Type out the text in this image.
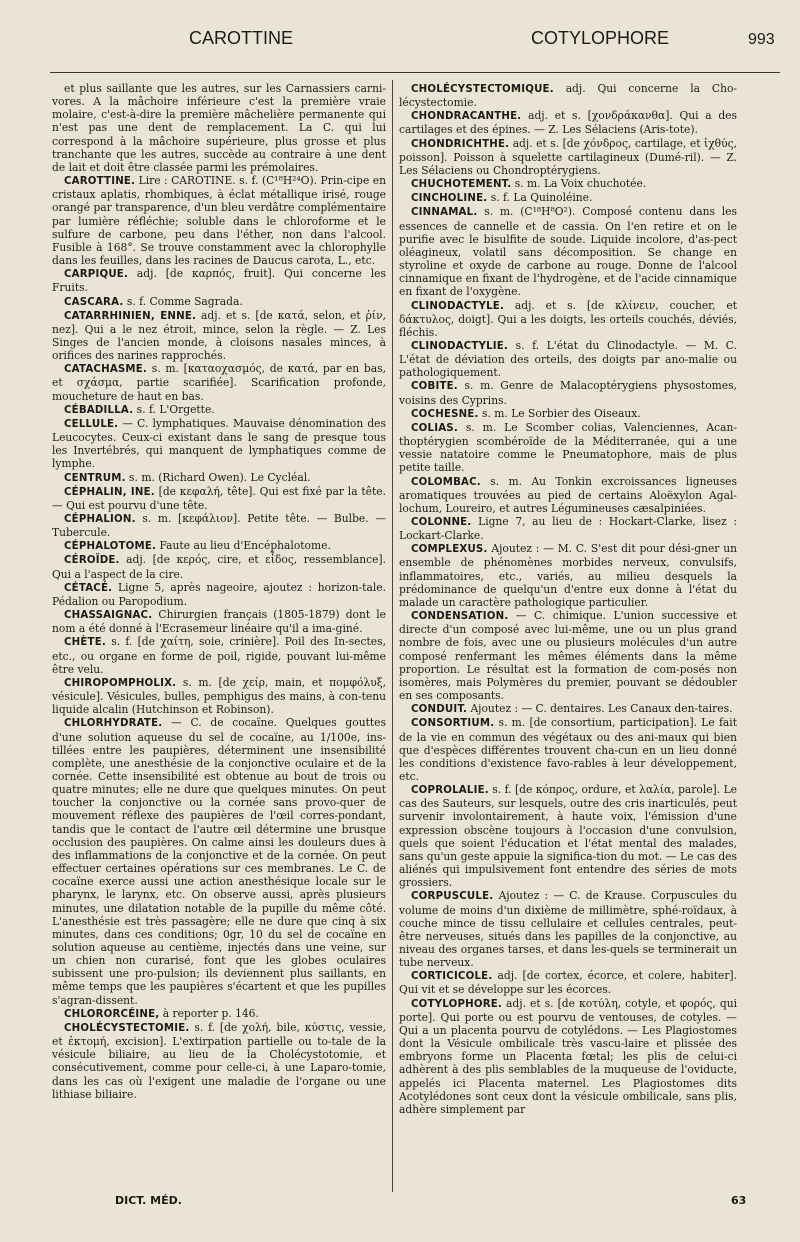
CAROTTINE	COTYLOPHORE	993

et plus saillante que les autres, sur les Carnassiers carni-vores. A la mâchoire inférieure c'est la première vraie molaire, c'est-à-dire la première mâchelière permanente qui n'est pas une dent de remplacement. La C. qui lui correspond à la mâchoire supérieure, plus grosse et plus tranchante que les autres, succède au contraire à une dent de lait et doit être classée parmi les prémolaires.

CAROTTINE. Lire : CAROTINE. s. f. (C¹⁸H²⁴O). Prin-cipe en cristaux aplatis, rhombiques, à éclat métallique irisé, rouge orangé par transparence, d'un bleu verdâtre complémentaire par lumière réfléchie; soluble dans le chloroforme et le sulfure de carbone, peu dans l'éther, non dans l'alcool. Fusible à 168°. Se trouve constamment avec la chlorophylle dans les feuilles, dans les racines de Daucus carota, L., etc.

CARPIQUE. adj. [de καρπός, fruit]. Qui concerne les Fruits.

CASCARA. s. f. Comme Sagrada.

CATARRHINIEN, ENNE. adj. et s. [de κατά, selon, et ῥίν, nez]. Qui a le nez étroit, mince, selon la règle. — Z. Les Singes de l'ancien monde, à cloisons nasales minces, à orifices des narines rapprochés.

CATACHASME. s. m. [καταοχασμός, de κατά, par en bas, et σχάσμα, partie scarifiée]. Scarification profonde, moucheture de haut en bas.

CÉBADILLA. s. f. L'Orgette.

CELLULE. — C. lymphatiques. Mauvaise dénomination des Leucocytes. Ceux-ci existant dans le sang de presque tous les Invertébrés, qui manquent de lymphatiques comme de lymphe.

CENTRUM. s. m. (Richard Owen). Le Cycléal.

CÉPHALIN, INE. [de κεφαλή, tête]. Qui est fixé par la tête. — Qui est pourvu d'une tête.

CÉPHALION. s. m. [κεφάλιον]. Petite tête. — Bulbe. — Tubercule.

CÉPHALOTOME. Faute au lieu d'Encéphalotome.

CÉROÏDE. adj. [de κερός, cire, et εἶδος, ressemblance]. Qui a l'aspect de la cire.

CÉTACÉ. Ligne 5, après nageoire, ajoutez : horizon-tale. Pédalion ou Paropodium.

CHASSAIGNAC. Chirurgien français (1805-1879) dont le nom a été donné à l'Ecrasemeur linéaire qu'il a ima-giné.

CHÈTE. s. f. [de χαίτη, soie, crinière]. Poil des In-sectes, etc., ou organe en forme de poil, rigide, pouvant lui-même être velu.

CHIROPOMPHOLIX. s. m. [de χείρ, main, et πομφόλυξ, vésicule]. Vésicules, bulles, pemphigus des mains, à con-tenu liquide alcalin (Hutchinson et Robinson).

CHLORHYDRATE. — C. de cocaïne. Quelques gouttes d'une solution aqueuse du sel de cocaïne, au 1/100e, ins-tillées entre les paupières, déterminent une insensibilité complète, une anesthésie de la conjonctive oculaire et de la cornée. Cette insensibilité est obtenue au bout de trois ou quatre minutes; elle ne dure que quelques minutes. On peut toucher la conjonctive ou la cornée sans provo-quer de mouvement réflexe des paupières de l'œil corres-pondant, tandis que le contact de l'autre œil détermine une brusque occlusion des paupières. On calme ainsi les douleurs dues à des inflammations de la conjonctive et de la cornée. On peut effectuer certaines opérations sur ces membranes. Le C. de cocaïne exerce aussi une action anesthésique locale sur le pharynx, le larynx, etc. On observe aussi, après plusieurs minutes, une dilatation notable de la pupille du même côté. L'anesthésie est très passagère; elle ne dure que cinq à six minutes, dans ces conditions; 0gr, 10 du sel de cocaïne en solution aqueuse au centième, injectés dans une veine, sur un chien non curarisé, font que les globes oculaires subissent une pro-pulsion; ils deviennent plus saillants, en même temps que les paupières s'écartent et que les pupilles s'agran-dissent.

CHLORORCÉINE, à reporter p. 146.

CHOLÉCYSTECTOMIE. s. f. [de χολή, bile, κύστις, vessie, et ἐκτομή, excision]. L'extirpation partielle ou to-tale de la vésicule biliaire, au lieu de la Cholécystotomie, et consécutivement, comme pour celle-ci, à une Laparo-tomie, dans les cas où l'exigent une maladie de l'organe ou une lithiase biliaire.

CHOLÉCYSTECTOMIQUE. adj. Qui concerne la Cho-lécystectomie.

CHONDRACANTHE. adj. et s. [χονδράκανθα]. Qui a des cartilages et des épines. — Z. Les Sélaciens (Aris-tote).

CHONDRICHTHE. adj. et s. [de χόνδρος, cartilage, et ἰχθύς, poisson]. Poisson à squelette cartilagineux (Dumé-ril). — Z. Les Sélaciens ou Chondroptérygiens.

CHUCHOTEMENT. s. m. La Voix chuchotée.

CINCHOLINE. s. f. La Quinoléine.

CINNAMAL. s. m. (C¹⁸H⁸O²). Composé contenu dans les essences de cannelle et de cassia. On l'en retire et on le purifie avec le bisulfite de soude. Liquide incolore, d'as-pect oléagineux, volatil sans décomposition. Se change en styroline et oxyde de carbone au rouge. Donne de l'alcool cinnamique en fixant de l'hydrogène, et de l'acide cinnamique en fixant de l'oxygène.

CLINODACTYLE. adj. et s. [de κλίνειν, coucher, et δάκτυλος, doigt]. Qui a les doigts, les orteils couchés, déviés, fléchis.

CLINODACTYLIE. s. f. L'état du Clinodactyle. — M. C. L'état de déviation des orteils, des doigts par ano-malie ou pathologiquement.

COBITE. s. m. Genre de Malacoptérygiens physostomes, voisins des Cyprins.

COCHESNE. s. m. Le Sorbier des Oiseaux.

COLIAS. s. m. Le Scomber colias, Valenciennes, Acan-thoptérygien scombéroïde de la Méditerranée, qui a une vessie natatoire comme le Pneumatophore, mais de plus petite taille.

COLOMBAC. s. m. Au Tonkin excroissances ligneuses aromatiques trouvées au pied de certains Aloëxylon Agal-lochum, Loureiro, et autres Légumineuses cæsalpiniées.

COLONNE. Ligne 7, au lieu de : Hockart-Clarke, lisez : Lockart-Clarke.

COMPLEXUS. Ajoutez : — M. C. S'est dit pour dési-gner un ensemble de phénomènes morbides nerveux, convulsifs, inflammatoires, etc., variés, au milieu desquels la prédominance de quelqu'un d'entre eux donne à l'état du malade un caractère pathologique particulier.

CONDENSATION. — C. chimique. L'union successive et directe d'un composé avec lui-même, une ou un plus grand nombre de fois, avec une ou plusieurs molécules d'un autre composé renfermant les mêmes éléments dans la même proportion. Le résultat est la formation de com-posés non isomères, mais Polymères du premier, pouvant se dédoubler en ses composants.

CONDUIT. Ajoutez : — C. dentaires. Les Canaux den-taires.

CONSORTIUM. s. m. [de consortium, participation]. Le fait de la vie en commun des végétaux ou des ani-maux qui bien que d'espèces différentes trouvent cha-cun en un lieu donné les conditions d'existence favo-rables à leur développement, etc.

COPROLALIE. s. f. [de κόπρος, ordure, et λαλία, parole]. Le cas des Sauteurs, sur lesquels, outre des cris inarticulés, peut survenir involontairement, à haute voix, l'émission d'une expression obscène toujours à l'occasion d'une convulsion, quels que soient l'éducation et l'état mental des malades, sans qu'un geste appuie la significa-tion du mot. — Le cas des aliénés qui impulsivement font entendre des séries de mots grossiers.

CORPUSCULE. Ajoutez : — C. de Krause. Corpuscules du volume de moins d'un dixième de millimètre, sphé-roïdaux, à couche mince de tissu cellulaire et cellules centrales, peut-être nerveuses, situés dans les papilles de la conjonctive, au niveau des organes tarses, et dans les-quels se terminerait un tube nerveux.

CORTICICOLE. adj. [de cortex, écorce, et colere, habiter]. Qui vit et se développe sur les écorces.

COTYLOPHORE. adj. et s. [de κοτύλη, cotyle, et φορός, qui porte]. Qui porte ou est pourvu de ventouses, de cotyles. — Qui a un placenta pourvu de cotylédons. — Les Plagiostomes dont la Vésicule ombilicale très vascu-laire et plissée des embryons forme un Placenta fœtal; les plis de celui-ci adhèrent à des plis semblables de la muqueuse de l'oviducte, appelés ici Placenta maternel. Les Plagiostomes dits Acotylédones sont ceux dont la vésicule ombilicale, sans plis, adhère simplement par

DICT. MÉD.	63
